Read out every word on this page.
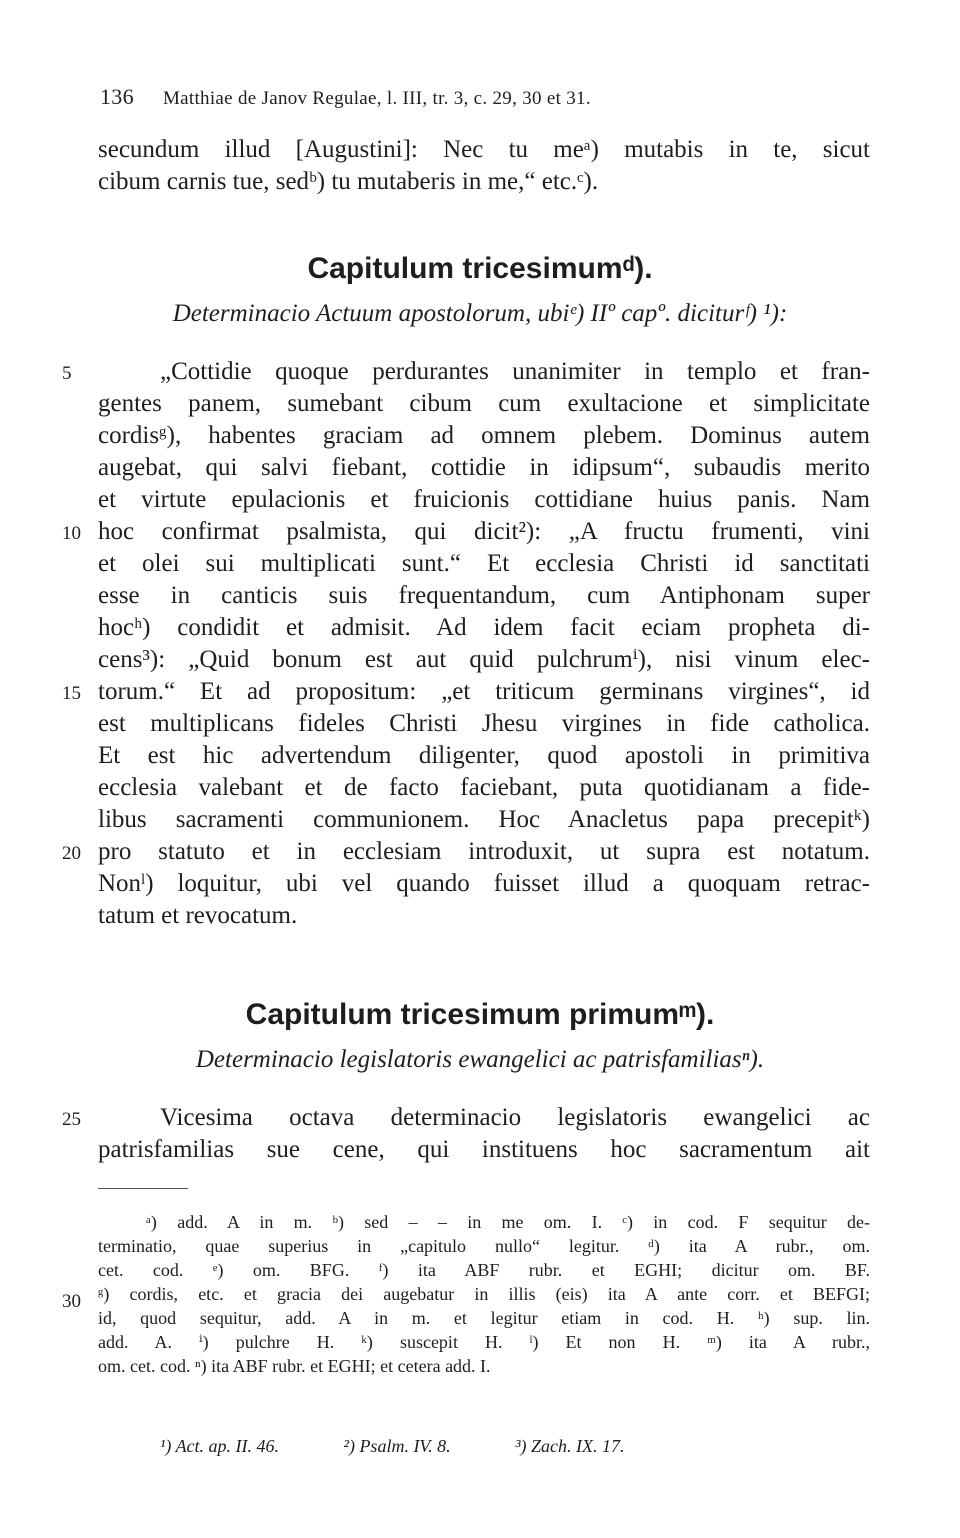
136 Matthiae de Janov Regulae, l. III, tr. 3, c. 29, 30 et 31.
secundum illud [Augustini]: Nec tu meᵃ) mutabis in te, sicut
cibum carnis tue, sedᵇ) tu mutaberis in me,“ etc.ᶜ).
Capitulum tricesimumᵈ).
Determinacio Actuum apostolorum, ubiᵉ) IIº capº. diciturᶠ) ¹):
„Cottidie quoque perdurantes unanimiter in templo et fran-
gentes panem, sumebant cibum cum exultacione et simplicitate
cordisᵍ), habentes graciam ad omnem plebem. Dominus autem
augebat, qui salvi fiebant, cottidie in idipsum“, subaudis merito
et virtute epulacionis et fruicionis cottidiane huius panis. Nam
hoc confirmat psalmista, qui dicit²): „A fructu frumenti, vini
et olei sui multiplicati sunt.“ Et ecclesia Christi id sanctitati
esse in canticis suis frequentandum, cum Antiphonam super
hocʰ) condidit et admisit. Ad idem facit eciam propheta di-
cens³): „Quid bonum est aut quid pulchrumⁱ), nisi vinum elec-
torum.“ Et ad propositum: „et triticum germinans virgines“, id
est multiplicans fideles Christi Jhesu virgines in fide catholica.
Et est hic advertendum diligenter, quod apostoli in primitiva
ecclesia valebant et de facto faciebant, puta quotidianam a fide-
libus sacramenti communionem. Hoc Anacletus papa precepitᵏ)
pro statuto et in ecclesiam introduxit, ut supra est notatum.
Nonˡ) loquitur, ubi vel quando fuisset illud a quoquam retrac-
tatum et revocatum.
Capitulum tricesimum primumᵐ).
Determinacio legislatoris ewangelici ac patrisfamiliasⁿ).
Vicesima octava determinacio legislatoris ewangelici ac
patrisfamilias sue cene, qui instituens hoc sacramentum ait
5
10
15
20
25
30
ᵃ) add. A in m. ᵇ) sed – – in me om. I. ᶜ) in cod. F sequitur de-
terminatio, quae superius in „capitulo nullo“ legitur. ᵈ) ita A rubr., om.
cet. cod. ᵉ) om. BFG. ᶠ) ita ABF rubr. et EGHI; dicitur om. BF.
ᵍ) cordis, etc. et gracia dei augebatur in illis (eis) ita A ante corr. et BEFGI;
id, quod sequitur, add. A in m. et legitur etiam in cod. H. ʰ) sup. lin.
add. A. ⁱ) pulchre H. ᵏ) suscepit H. ˡ) Et non H. ᵐ) ita A rubr.,
om. cet. cod. ⁿ) ita ABF rubr. et EGHI; et cetera add. I.
¹) Act. ap. II. 46.	²) Psalm. IV. 8.	³) Zach. IX. 17.
